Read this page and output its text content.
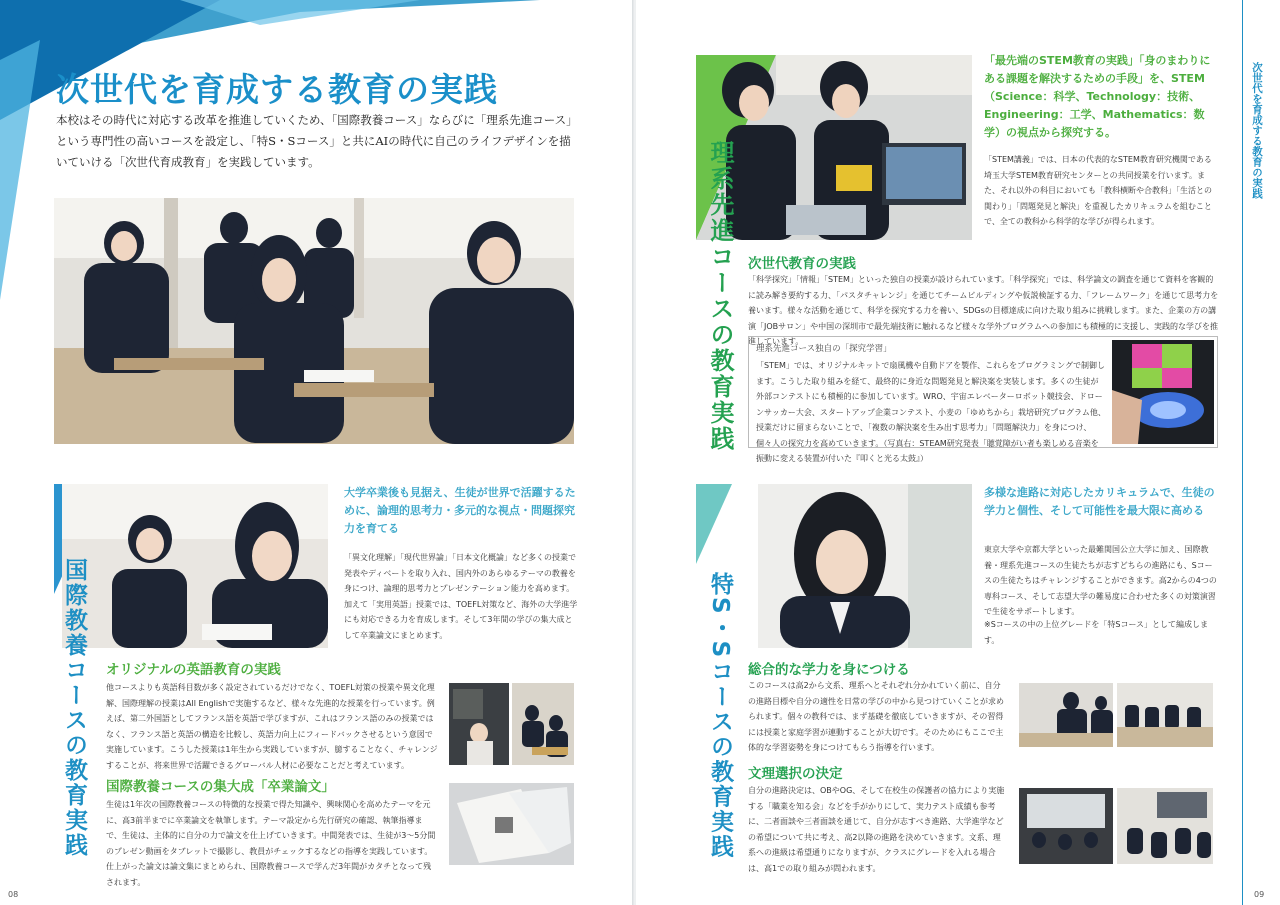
次世代を育成する教育の実践
本校はその時代に対応する改革を推進していくため、「国際教養コース」ならびに「理系先進コース」という専門性の高いコースを設定し、「特S・Sコース」と共にAIの時代に自己のライフデザインを描いていける「次世代育成教育」を実践しています。
国際教養コースの教育実践
大学卒業後も見据え、生徒が世界で活躍するために、論理的思考力・多元的な視点・問題探究力を育てる
「異文化理解」「現代世界論」「日本文化概論」など多くの授業で発表やディベートを取り入れ、国内外のあらゆるテーマの教養を身につけ、論理的思考力とプレゼンテーション能力を高めます。加えて「実用英語」授業では、TOEFL対策など、海外の大学進学にも対応できる力を育成します。そして3年間の学びの集大成として卒業論文にまとめます。
オリジナルの英語教育の実践
他コースよりも英語科目数が多く設定されているだけでなく、TOEFL対策の授業や異文化理解、国際理解の授業はAll Englishで実施するなど、様々な先進的な授業を行っています。例えば、第二外国語としてフランス語を英語で学びますが、これはフランス語のみの授業ではなく、フランス語と英語の構造を比較し、英語力向上にフィードバックさせるという意図で実施しています。こうした授業は1年生から実践していますが、臆することなく、チャレンジすることが、将来世界で活躍できるグローバル人材に必要なことだと考えています。
国際教養コースの集大成「卒業論文」
生徒は1年次の国際教養コースの特徴的な授業で得た知識や、興味関心を高めたテーマを元に、高3前半までに卒業論文を執筆します。テーマ設定から先行研究の確認、執筆指導まで、生徒は、主体的に自分の力で論文を仕上げていきます。中間発表では、生徒が3〜5分間のプレゼン動画をタブレットで撮影し、教員がチェックするなどの指導を実践しています。仕上がった論文は論文集にまとめられ、国際教養コースで学んだ3年間がカタチとなって残されます。
08
理系先進コースの教育実践
「最先端のSTEM教育の実践」「身のまわりにある課題を解決するための手段」を、STEM（Science：科学、Technology：技術、Engineering：工学、Mathematics：数学）の視点から探究する。
「STEM講義」では、日本の代表的なSTEM教育研究機関である埼玉大学STEM教育研究センターとの共同授業を行います。また、それ以外の科目においても「教科横断や合教科」「生活との関わり」「問題発見と解決」を重視したカリキュラムを組むことで、全ての教科から科学的な学びが得られます。
次世代教育の実践
「科学探究」「情報」「STEM」といった独自の授業が設けられています。「科学探究」では、科学論文の調査を通じて資料を客観的に読み解き要約する力、「パスタチャレンジ」を通じてチームビルディングや仮説検証する力、「フレームワーク」を通じて思考力を養います。様々な活動を通じて、科学を探究する力を養い、SDGsの目標達成に向けた取り組みに挑戦します。また、企業の方の講演「JOBサロン」や中国の深圳市で最先端技術に触れるなど様々な学外プログラムへの参加にも積極的に支援し、実践的な学びを推進しています。
理系先進コース独自の「探究学習」
「STEM」では、オリジナルキットで扇風機や自動ドアを製作、これらをプログラミングで制御します。こうした取り組みを経て、最終的に身近な問題発見と解決案を実装します。多くの生徒が外部コンテストにも積極的に参加しています。WRO、宇宙エレベーターロボット競技会、ドローンサッカー大会、スタートアップ企業コンテスト、小麦の「ゆめちから」栽培研究プログラム他、授業だけに留まらないことで、「複数の解決案を生み出す思考力」「問題解決力」を身につけ、個々人の探究力を高めていきます。（写真右：STEAM研究発表「聴覚障がい者も楽しめる音楽を振動に変える装置が付いた『叩くと光る太鼓』）
特S・Sコースの教育実践
多様な進路に対応したカリキュラムで、生徒の学力と個性、そして可能性を最大限に高める
東京大学や京都大学といった最難関国公立大学に加え、国際教養・理系先進コースの生徒たちが志すどちらの進路にも、Sコースの生徒たちはチャレンジすることができます。高2からの4つの専科コース、そして志望大学の難易度に合わせた多くの対策演習で生徒をサポートします。
※Sコースの中の上位グレードを「特Sコース」として編成します。
総合的な学力を身につける
このコースは高2から文系、理系へとそれぞれ分かれていく前に、自分の進路目標や自分の適性を日常の学びの中から見つけていくことが求められます。個々の教科では、まず基礎を徹底していきますが、その習得には授業と家庭学習が連動することが大切です。そのためにもここで主体的な学習姿勢を身につけてもらう指導を行います。
文理選択の決定
自分の進路決定は、OBやOG、そして在校生の保護者の協力により実施する「職業を知る会」などを手がかりにして、実力テスト成績も参考に、二者面談や三者面談を通じて、自分が志すべき進路、大学進学などの希望について共に考え、高2以降の進路を決めていきます。文系、理系への進級は希望通りになりますが、クラスにグレードを入れる場合は、高1での取り組みが問われます。
次世代を育成する教育の実践
09
